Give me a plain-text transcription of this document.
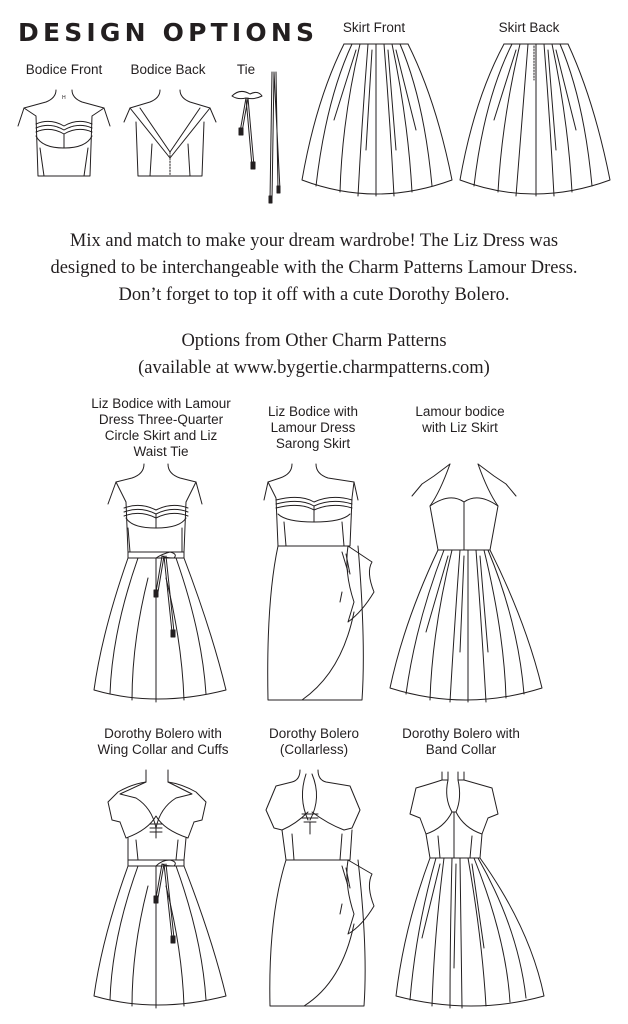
DESIGN OPTIONS
Bodice Front	Bodice Back	Tie
Skirt Front	Skirt Back
H
Mix and match to make your dream wardrobe! The Liz Dress was
designed to be interchangeable with the Charm Patterns Lamour Dress.
Don’t forget to top it off with a cute Dorothy Bolero.
Options from Other Charm Patterns
(available at www.bygertie.charmpatterns.com)
Liz Bodice with Lamour
Dress Three-Quarter
Circle Skirt and Liz
Waist Tie
Liz Bodice with
Lamour Dress
Sarong Skirt
Lamour bodice
with Liz Skirt
Dorothy Bolero with
Wing Collar and Cuffs
Dorothy Bolero
(Collarless)
Dorothy Bolero with
Band Collar
